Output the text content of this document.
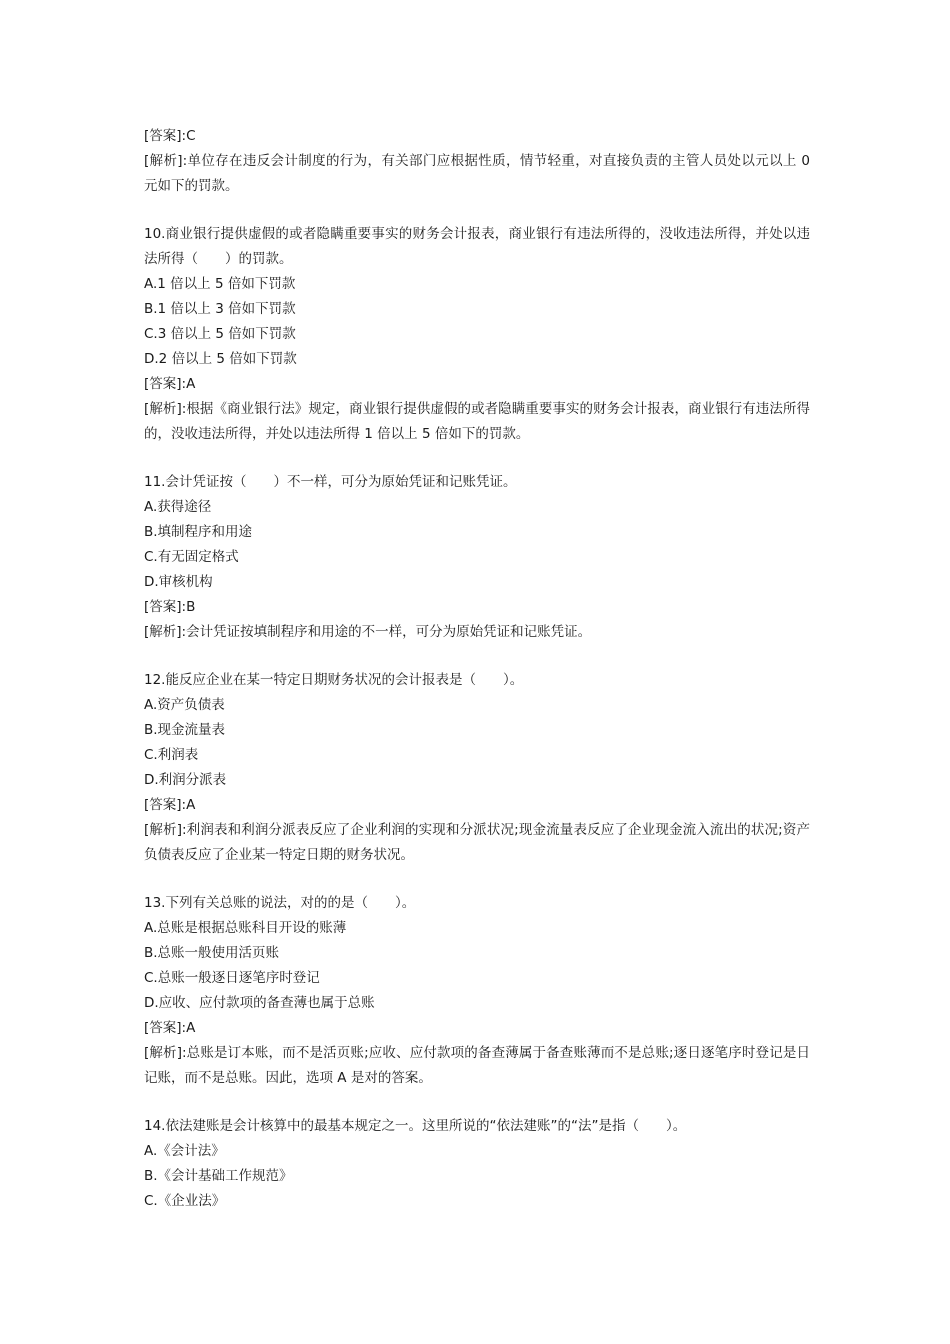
[答案]:C

[解析]:单位存在违反会计制度的行为，有关部门应根据性质，情节轻重，对直接负责的主管人员处以元以上 0 元如下的罚款。

10.商业银行提供虚假的或者隐瞒重要事实的财务会计报表，商业银行有违法所得的，没收违法所得，并处以违法所得（　　）的罚款。

A.1 倍以上 5 倍如下罚款

B.1 倍以上 3 倍如下罚款

C.3 倍以上 5 倍如下罚款

D.2 倍以上 5 倍如下罚款

[答案]:A

[解析]:根据《商业银行法》规定，商业银行提供虚假的或者隐瞒重要事实的财务会计报表，商业银行有违法所得的，没收违法所得，并处以违法所得 1 倍以上 5 倍如下的罚款。

11.会计凭证按（　　）不一样，可分为原始凭证和记账凭证。

A.获得途径

B.填制程序和用途

C.有无固定格式

D.审核机构

[答案]:B

[解析]:会计凭证按填制程序和用途的不一样，可分为原始凭证和记账凭证。

12.能反应企业在某一特定日期财务状况的会计报表是（　　）。

A.资产负债表

B.现金流量表

C.利润表

D.利润分派表

[答案]:A

[解析]:利润表和利润分派表反应了企业利润的实现和分派状况;现金流量表反应了企业现金流入流出的状况;资产负债表反应了企业某一特定日期的财务状况。

13.下列有关总账的说法，对的的是（　　）。

A.总账是根据总账科目开设的账薄

B.总账一般使用活页账

C.总账一般逐日逐笔序时登记

D.应收、应付款项的备查薄也属于总账

[答案]:A

[解析]:总账是订本账，而不是活页账;应收、应付款项的备查薄属于备查账薄而不是总账;逐日逐笔序时登记是日记账，而不是总账。因此，选项 A 是对的答案。

14.依法建账是会计核算中的最基本规定之一。这里所说的“依法建账”的“法”是指（　　）。

A.《会计法》

B.《会计基础工作规范》

C.《企业法》
